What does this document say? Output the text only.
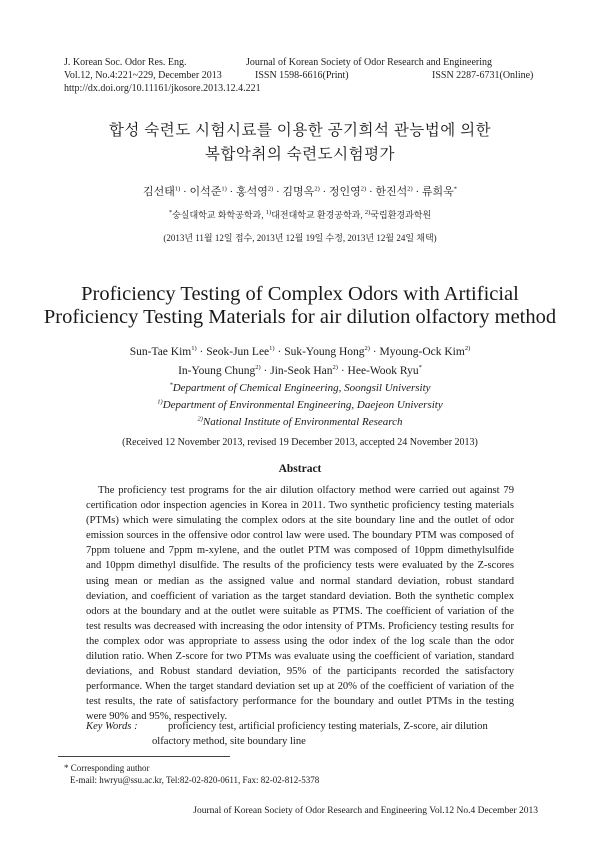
J. Korean Soc. Odor Res. Eng.	Journal of Korean Society of Odor Research and Engineering
Vol.12, No.4:221~229, December 2013	ISSN 1598-6616(Print)	ISSN 2287-6731(Online)
http://dx.doi.org/10.11161/jkosore.2013.12.4.221
합성 숙련도 시험시료를 이용한 공기희석 관능법에 의한
복합악취의 숙련도시험평가
김선태$^{1)}$ · 이석준$^{1)}$ · 홍석영$^{2)}$ · 김명옥$^{2)}$ · 정인영$^{2)}$ · 한진석$^{2)}$ · 류희욱*
*숭실대학교 화학공학과, $^{1)}$대전대학교 환경공학과, $^{2)}$국립환경과학원
(2013년 11월 12일 접수, 2013년 12월 19일 수정, 2013년 12월 24일 채택)
Proficiency Testing of Complex Odors with Artificial
Proficiency Testing Materials for air dilution olfactory method
Sun-Tae Kim$^{1)}$ · Seok-Jun Lee$^{1)}$ · Suk-Young Hong$^{2)}$ · Myoung-Ock Kim$^{2)}$
In-Young Chung$^{2)}$ · Jin-Seok Han$^{2)}$ · Hee-Wook Ryu*
*Department of Chemical Engineering, Soongsil University
$^{1)}$Department of Environmental Engineering, Daejeon University
$^{2)}$National Institute of Environmental Research
(Received 12 November 2013, revised 19 December 2013, accepted 24 November 2013)
Abstract
The proficiency test programs for the air dilution olfactory method were carried out against 79 certification odor inspection agencies in Korea in 2011. Two synthetic proficiency testing materials (PTMs) which were simulating the complex odors at the site boundary line and the outlet of odor emission sources in the offensive odor control law were used. The boundary PTM was composed of 7ppm toluene and 7ppm m-xylene, and the outlet PTM was composed of 10ppm dimethylsulfide and 10ppm dimethyl disulfide. The results of the proficiency tests were evaluated by the Z-scores using mean or median as the assigned value and normal standard deviation, robust standard deviation, and coefficient of variation as the target standard deviation. Both the synthetic complex odors at the boundary and at the outlet were suitable as PTMS. The coefficient of variation of the test results was decreased with increasing the odor intensity of PTMs. Proficiency testing results for the complex odor was appropriate to assess using the odor index of the log scale than the odor dilution ratio. When Z-score for two PTMs was evaluate using the coefficient of variation, standard deviations, and Robust standard deviation, 95% of the participants recorded the satisfactory performance. When the target standard deviation set up at 20% of the coefficient of variation of the test results, the rate of satisfactory performance for the boundary and outlet PTMs in the testing were 90% and 95%, respectively.
Key Words :	proficiency test, artificial proficiency testing materials, Z-score, air dilution
olfactory method, site boundary line
* Corresponding author
E-mail: hwryu@ssu.ac.kr, Tel:82-02-820-0611, Fax: 82-02-812-5378
Journal of Korean Society of Odor Research and Engineering Vol.12 No.4 December 2013
